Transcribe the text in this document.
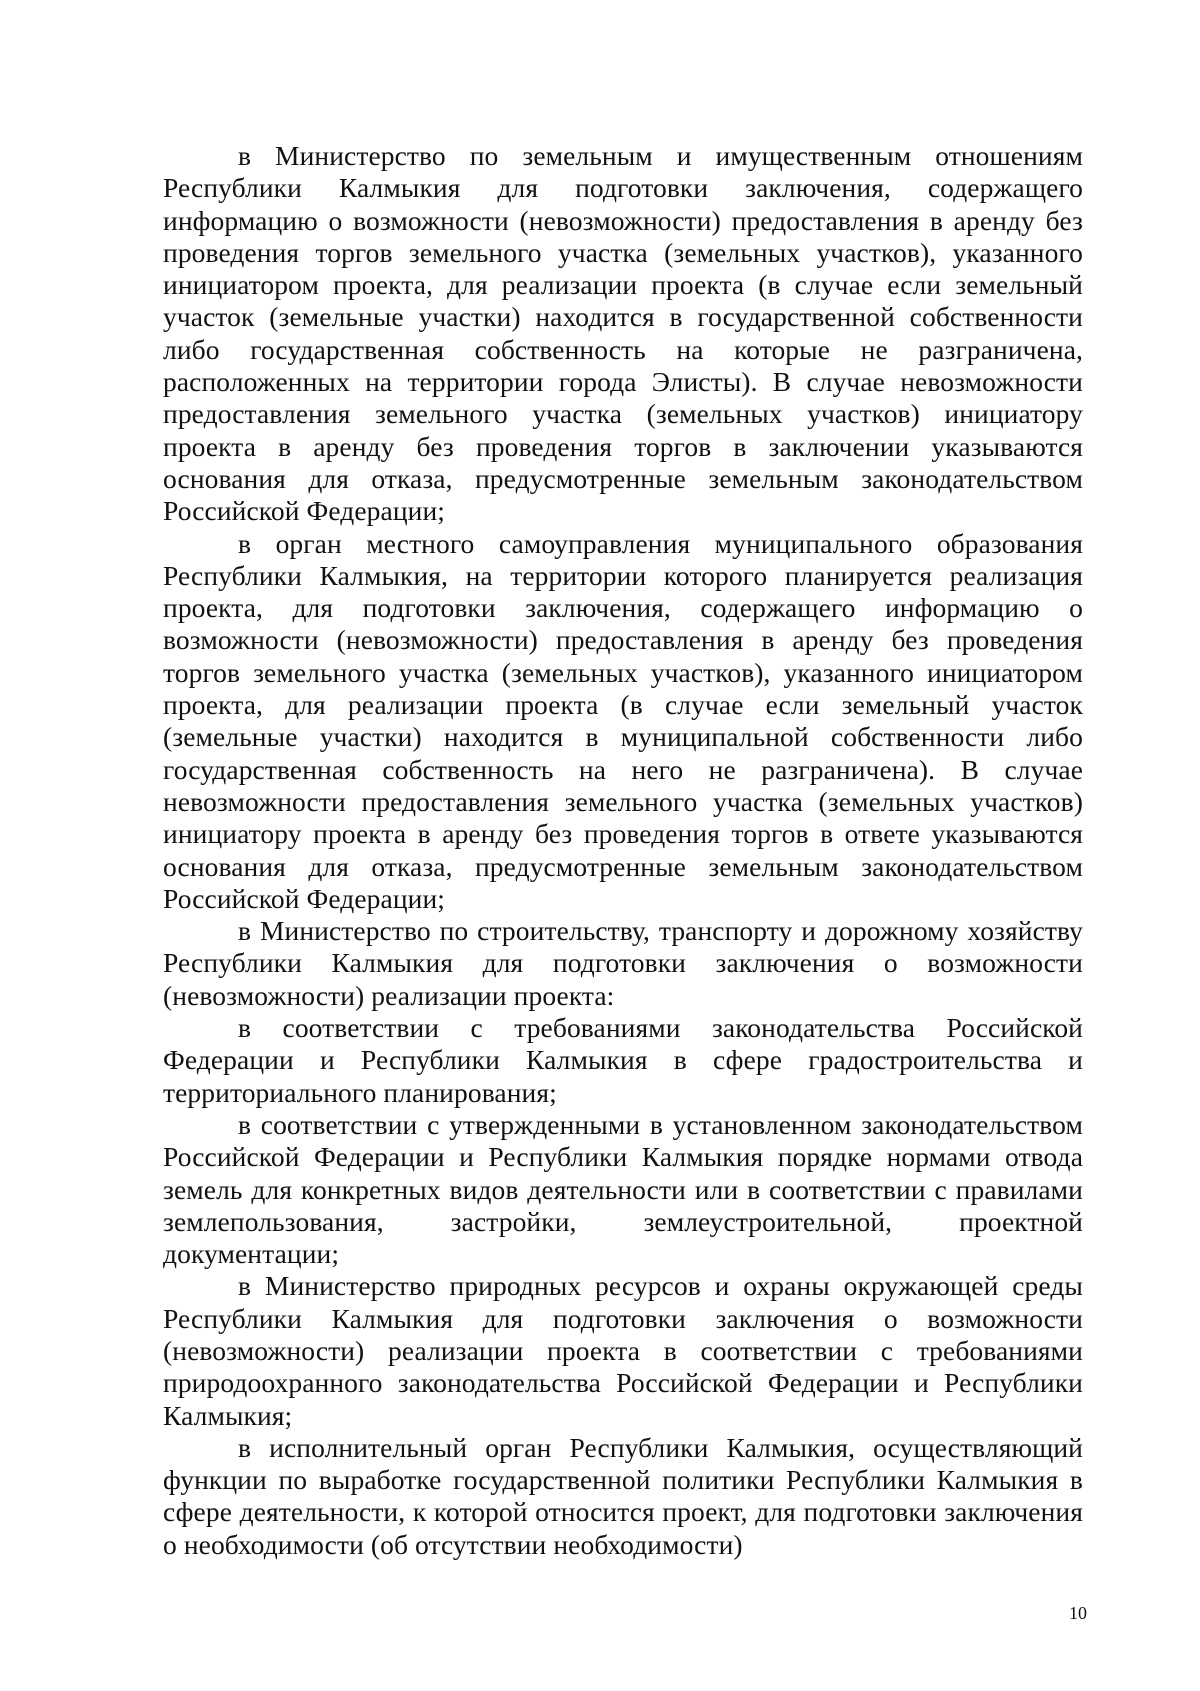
в Министерство по земельным и имущественным отношениям Республики Калмыкия для подготовки заключения, содержащего информацию о возможности (невозможности) предоставления в аренду без проведения торгов земельного участка (земельных участков), указанного инициатором проекта, для реализации проекта (в случае если земельный участок (земельные участки) находится в государственной собственности либо государственная собственность на которые не разграничена, расположенных на территории города Элисты). В случае невозможности предоставления земельного участка (земельных участков) инициатору проекта в аренду без проведения торгов в заключении указываются основания для отказа, предусмотренные земельным законодательством Российской Федерации;

в орган местного самоуправления муниципального образования Республики Калмыкия, на территории которого планируется реализация проекта, для подготовки заключения, содержащего информацию о возможности (невозможности) предоставления в аренду без проведения торгов земельного участка (земельных участков), указанного инициатором проекта, для реализации проекта (в случае если земельный участок (земельные участки) находится в муниципальной собственности либо государственная собственность на него не разграничена). В случае невозможности предоставления земельного участка (земельных участков) инициатору проекта в аренду без проведения торгов в ответе указываются основания для отказа, предусмотренные земельным законодательством Российской Федерации;

в Министерство по строительству, транспорту и дорожному хозяйству Республики Калмыкия для подготовки заключения о возможности (невозможности) реализации проекта:

в соответствии с требованиями законодательства Российской Федерации и Республики Калмыкия в сфере градостроительства и территориального планирования;

в соответствии с утвержденными в установленном законодательством Российской Федерации и Республики Калмыкия порядке нормами отвода земель для конкретных видов деятельности или в соответствии с правилами землепользования, застройки, землеустроительной, проектной документации;

в Министерство природных ресурсов и охраны окружающей среды Республики Калмыкия для подготовки заключения о возможности (невозможности) реализации проекта в соответствии с требованиями природоохранного законодательства Российской Федерации и Республики Калмыкия;

в исполнительный орган Республики Калмыкия, осуществляющий функции по выработке государственной политики Республики Калмыкия в сфере деятельности, к которой относится проект, для подготовки заключения о необходимости (об отсутствии необходимости)

10
